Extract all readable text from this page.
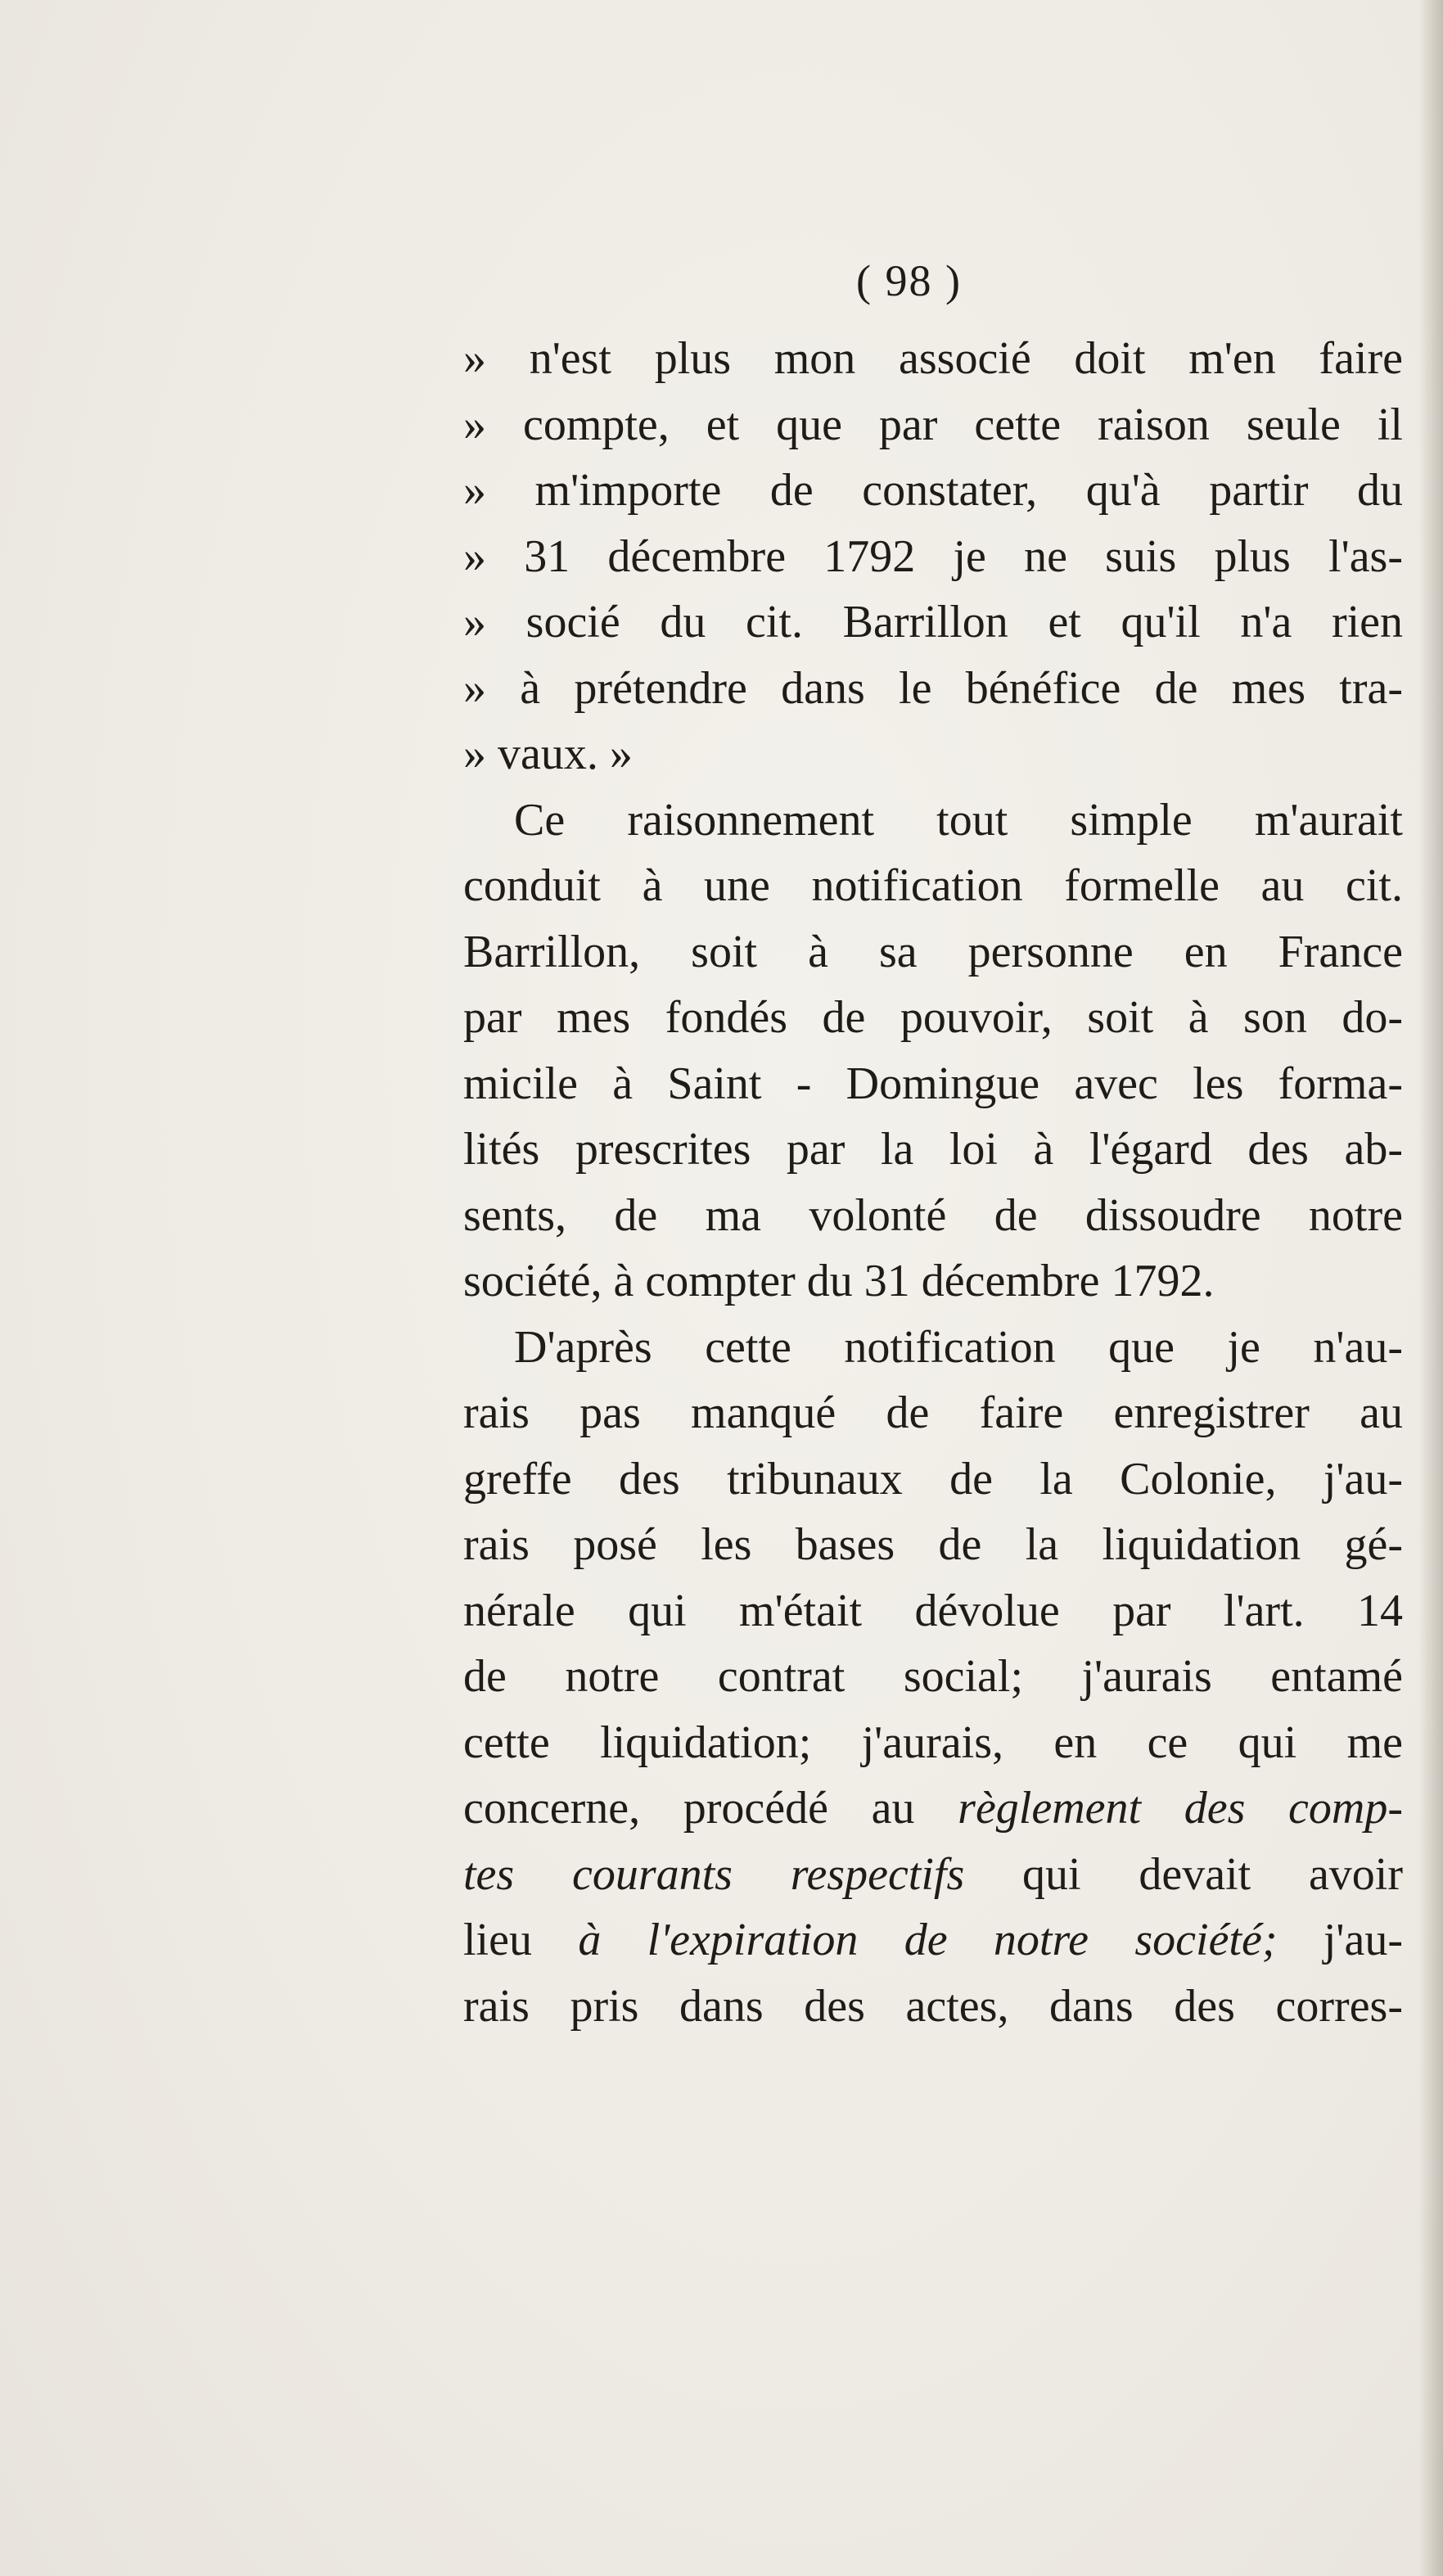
( 98 )
» n'est plus mon associé doit m'en faire
» compte, et que par cette raison seule il
» m'importe de constater, qu'à partir du
» 31 décembre 1792 je ne suis plus l'as-
» socié du cit. Barrillon et qu'il n'a rien
» à prétendre dans le bénéfice de mes tra-
» vaux. »
Ce raisonnement tout simple m'aurait
conduit à une notification formelle au cit.
Barrillon, soit à sa personne en France
par mes fondés de pouvoir, soit à son do-
micile à Saint - Domingue avec les forma-
lités prescrites par la loi à l'égard des ab-
sents, de ma volonté de dissoudre notre
société, à compter du 31 décembre 1792.
D'après cette notification que je n'au-
rais pas manqué de faire enregistrer au
greffe des tribunaux de la Colonie, j'au-
rais posé les bases de la liquidation gé-
nérale qui m'était dévolue par l'art. 14
de notre contrat social; j'aurais entamé
cette liquidation; j'aurais, en ce qui me
concerne, procédé au règlement des comp-
tes courants respectifs qui devait avoir
lieu à l'expiration de notre société; j'au-
rais pris dans des actes, dans des corres-
